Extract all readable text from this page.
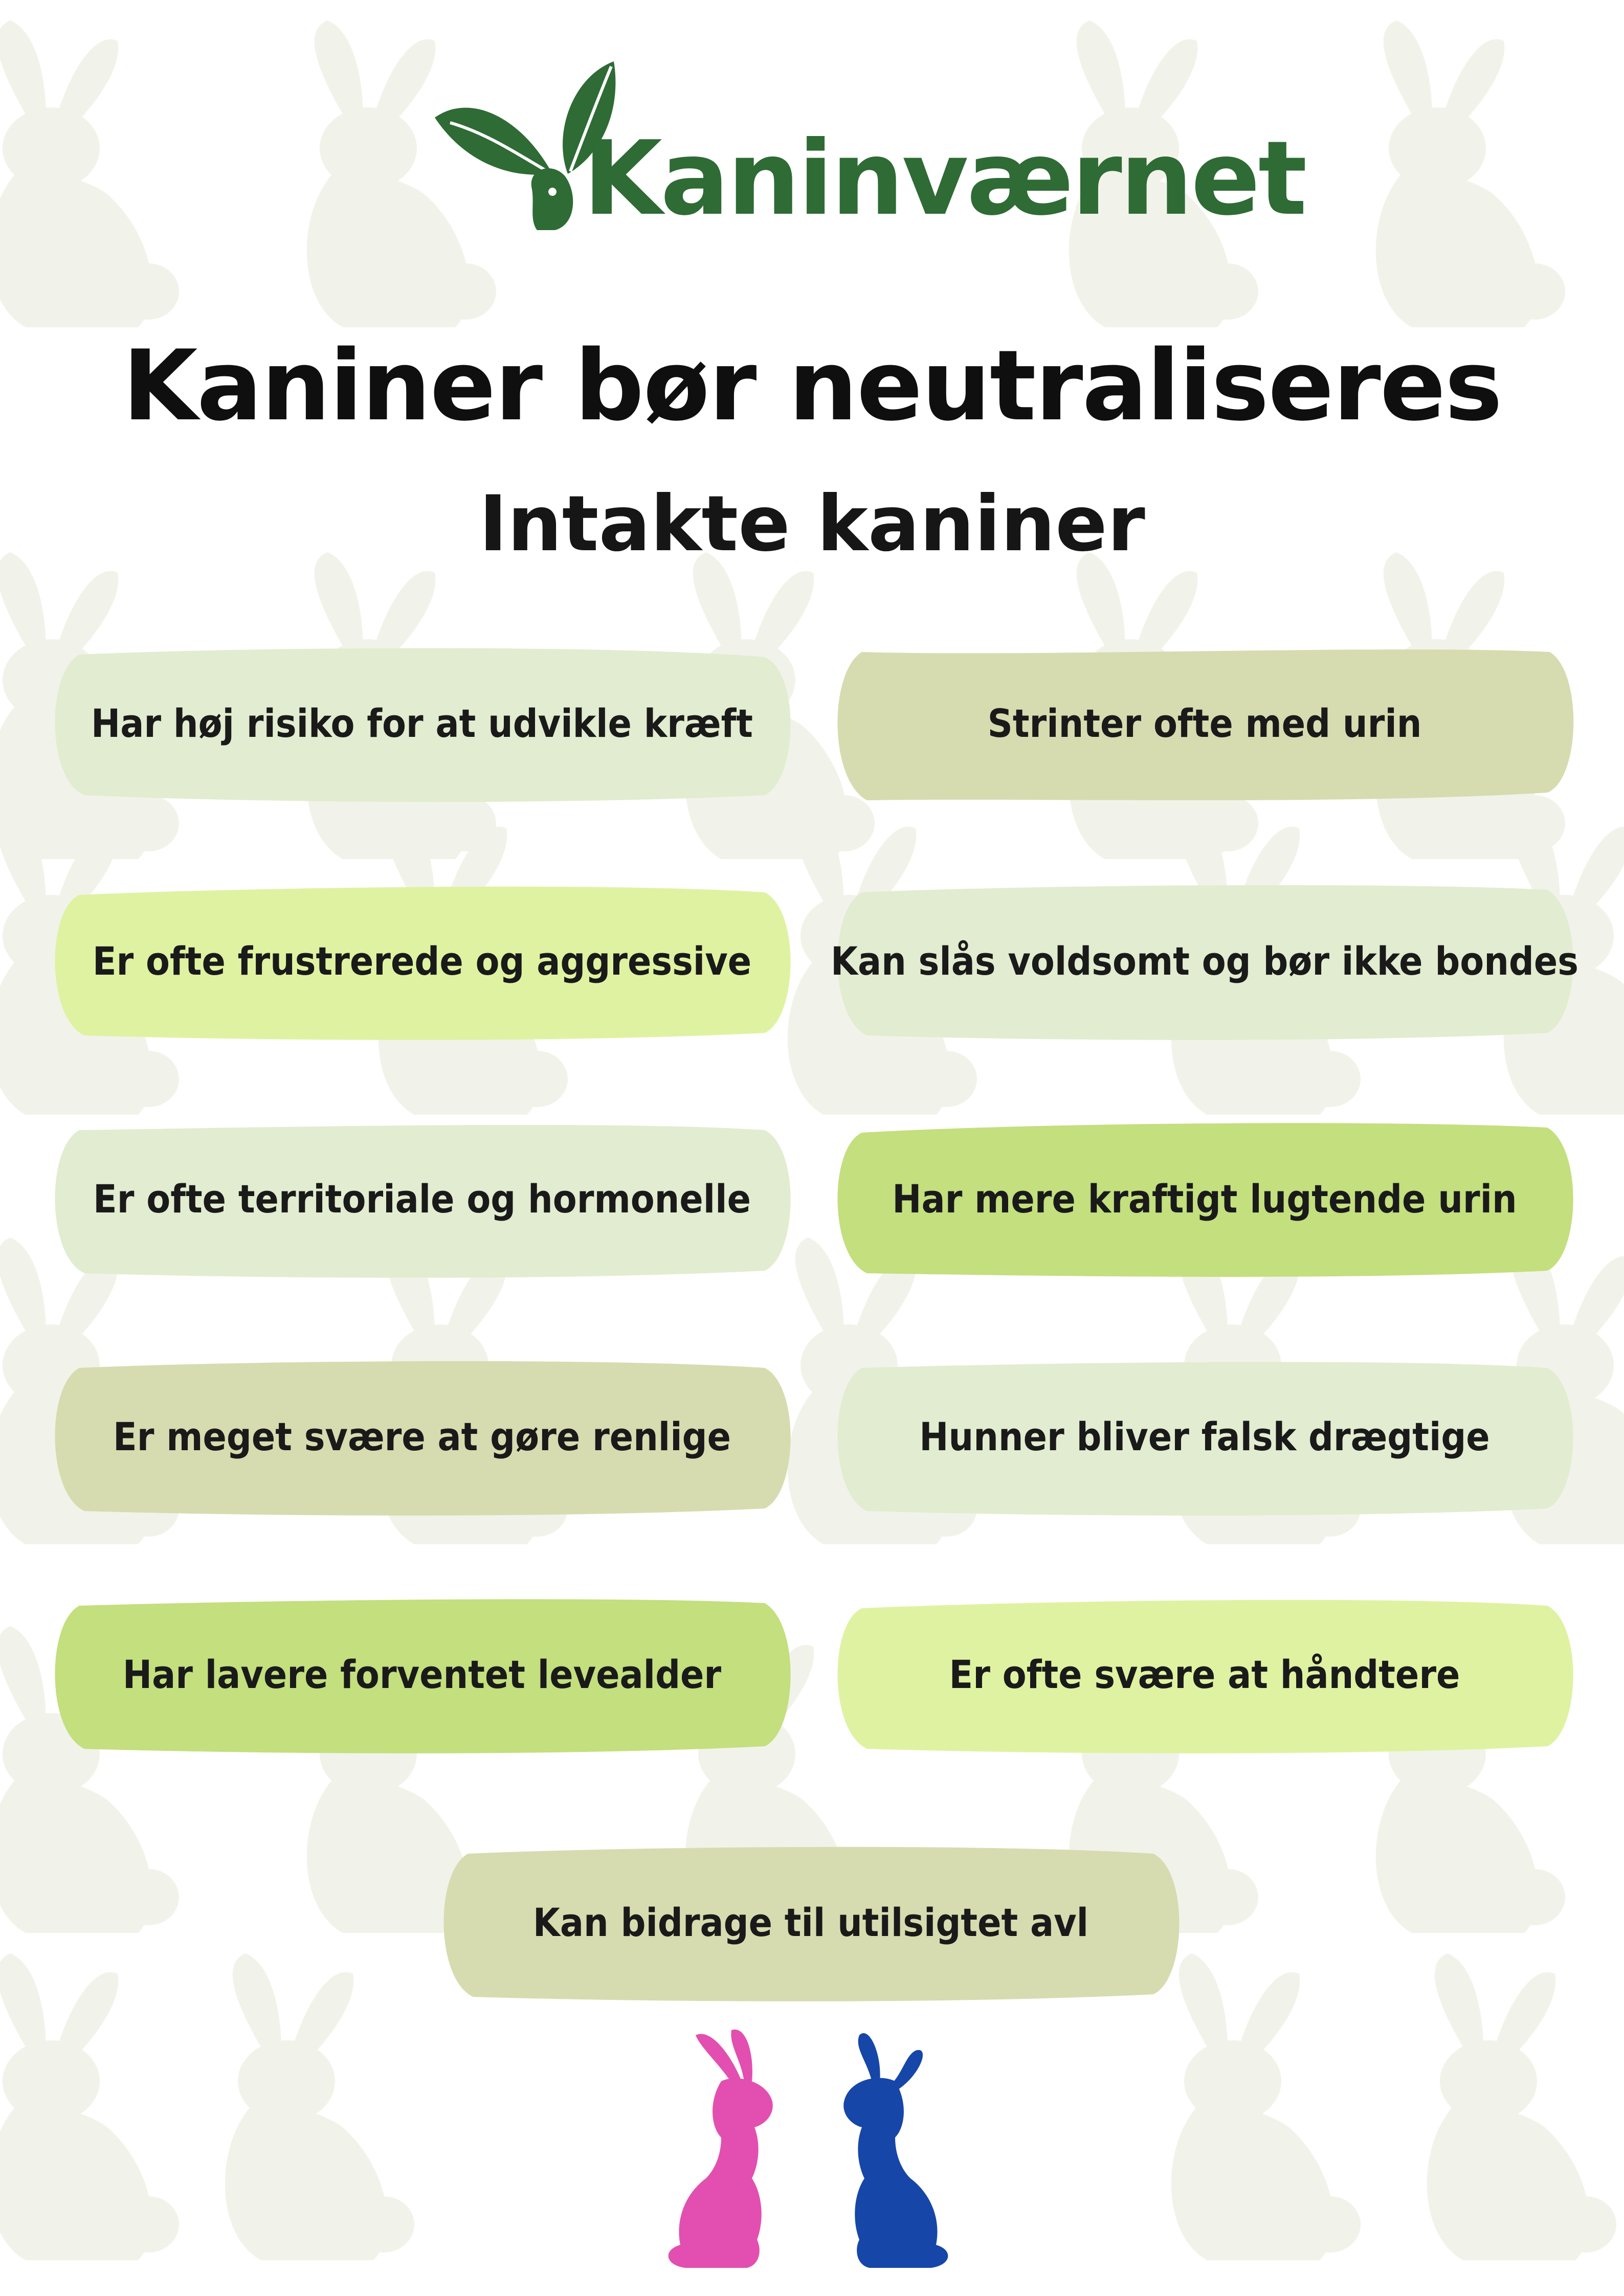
Kaninværnet
Kaniner bør neutraliseres
Intakte kaniner
Har høj risiko for at udvikle kræft	Strinter ofte med urin
Er ofte frustrerede og aggressive Kan slås voldsomt og bør ikke bondes
Er ofte territoriale og hormonelle	Har mere kraftigt lugtende urin
Er meget svære at gøre renlige	Hunner bliver falsk drægtige
Har lavere forventet levealder	Er ofte svære at håndtere
Kan bidrage til utilsigtet avl
